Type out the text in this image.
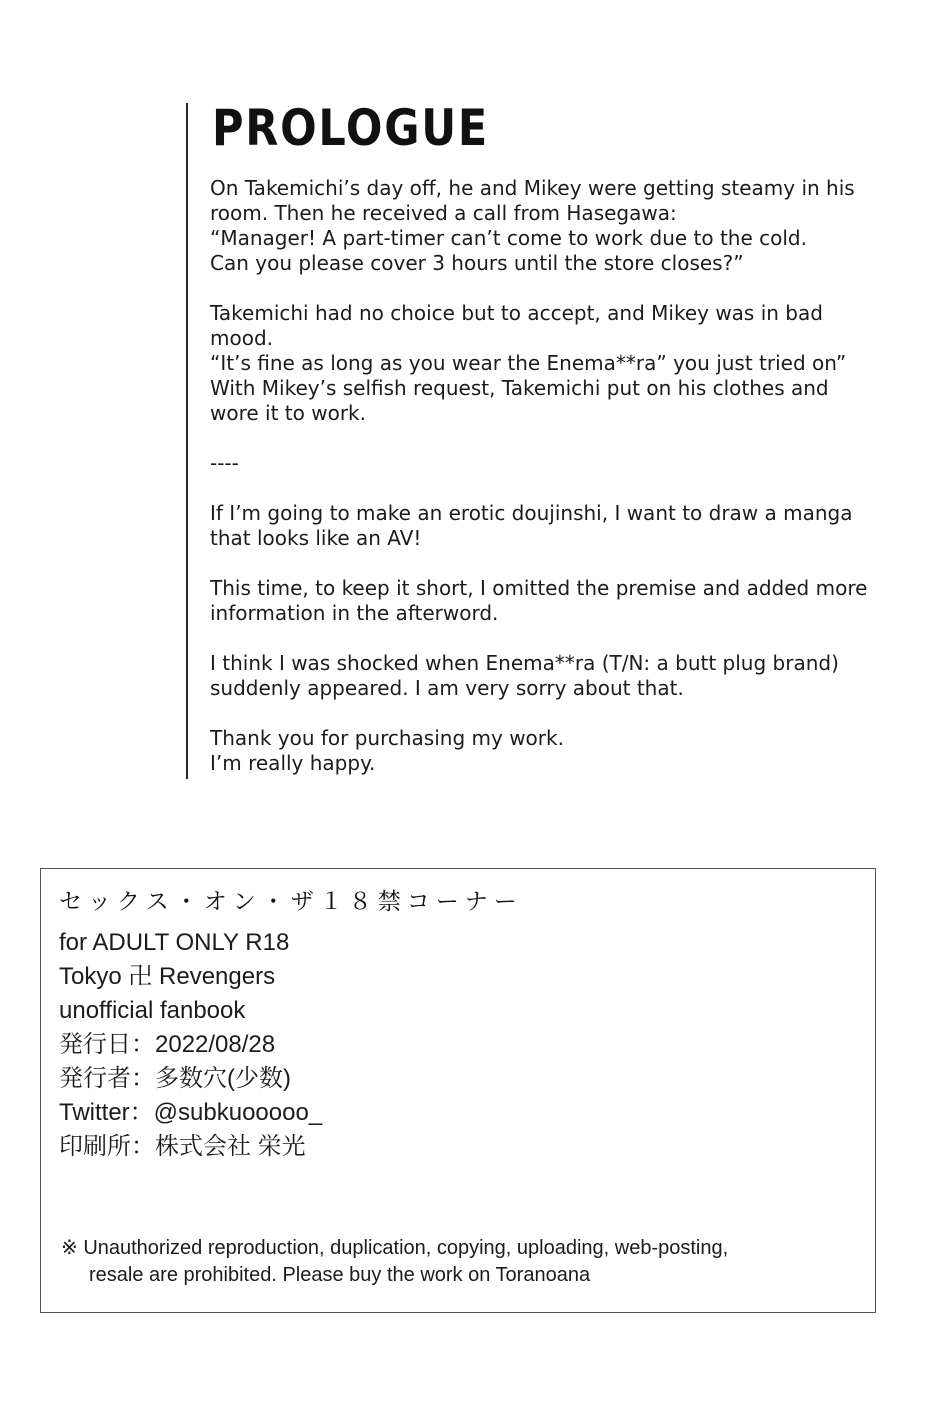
PROLOGUE

On Takemichi’s day off, he and Mikey were getting steamy in his
room. Then he received a call from Hasegawa:
“Manager! A part-timer can’t come to work due to the cold.
Can you please cover 3 hours until the store closes?”

Takemichi had no choice but to accept, and Mikey was in bad
mood.
“It’s fine as long as you wear the Enema**ra” you just tried on”
With Mikey’s selfish request, Takemichi put on his clothes and
wore it to work.

----

If I’m going to make an erotic doujinshi, I want to draw a manga
that looks like an AV!

This time, to keep it short, I omitted the premise and added more
information in the afterword.

I think I was shocked when Enema**ra (T/N: a butt plug brand)
suddenly appeared. I am very sorry about that.

Thank you for purchasing my work.
I’m really happy.

セックス・オン・ザ１８禁コーナー
for ADULT ONLY R18
Tokyo 卍 Revengers
unofficial fanbook
発行日：2022/08/28
発行者：多数穴(少数)
Twitter：@subkuooooo_
印刷所：株式会社 栄光
※ Unauthorized reproduction, duplication, copying, uploading, web-posting,
resale are prohibited. Please buy the work on Toranoana
